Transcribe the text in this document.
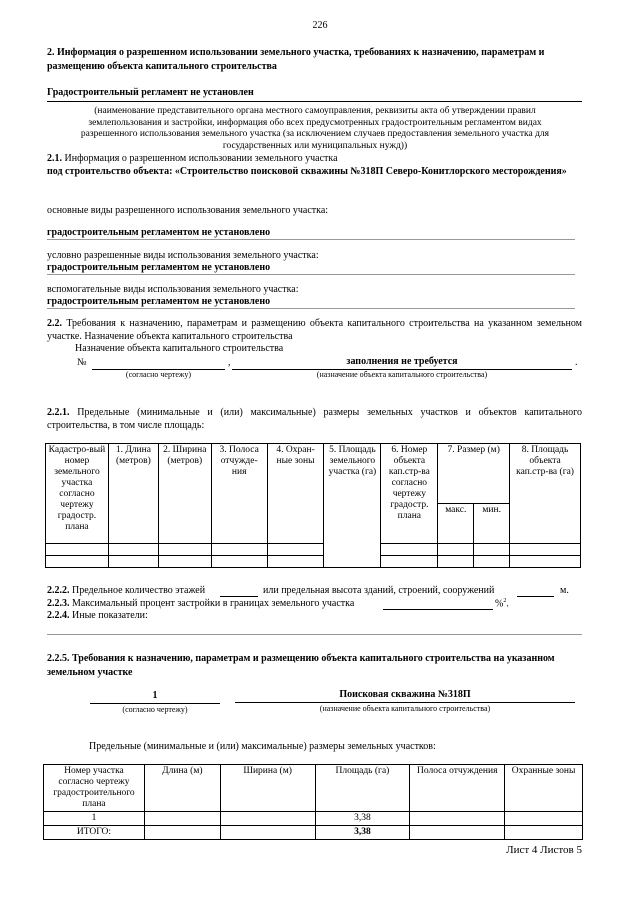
226
2. Информация о разрешенном использовании земельного участка, требованиях к назначению, параметрам и размещению объекта капитального строительства
Градостроительный регламент не установлен
(наименование представительного органа местного самоуправления, реквизиты акта об утверждении правил землепользования и застройки, информация обо всех предусмотренных градостроительным регламентом видах разрешенного использования земельного участка (за исключением случаев предоставления земельного участка для государственных или муниципальных нужд))
2.1. Информация о разрешенном использовании земельного участка
под строительство объекта: «Строительство поисковой скважины №318П Северо-Конитлорского месторождения»
основные виды разрешенного использования земельного участка:
градостроительным регламентом не установлено
условно разрешенные виды использования земельного участка:
градостроительным регламентом не установлено
вспомогательные виды использования земельного участка:
градостроительным регламентом не установлено
2.2. Требования к назначению, параметрам и размещению объекта капитального строительства на указанном земельном участке. Назначение объекта капитального строительства
Назначение объекта капитального строительства
№	,	заполнения не требуется	.
(согласно чертежу)	(назначение объекта капитального строительства)
2.2.1. Предельные (минимальные и (или) максимальные) размеры земельных участков и объектов капитального строительства, в том числе площадь:
Кадастро-вый номер земельного участка согласно чертежу градостр. плана	1. Длина (метров)	2. Ширина (метров)	3. Полоса отчужде-ния	4. Охран-ные зоны	5. Площадь земельного участка (га)	6. Номер объекта кап.стр-ва согласно чертежу градостр. плана	7. Размер (м)		8. Площадь объекта кап.стр-ва (га)
							макс.	мин.	

2.2.2. Предельное количество этажей	или предельная высота зданий, строений, сооружений	м.
2.2.3. Максимальный процент застройки в границах земельного участка	%$^2$.
2.2.4. Иные показатели:
2.2.5. Требования к назначению, параметрам и размещению объекта капитального строительства на указанном земельном участке
1
(согласно чертежу)
Поисковая скважина №318П
(назначение объекта капитального строительства)
Предельные (минимальные и (или) максимальные) размеры земельных участков:
Номер участка согласно чертежу градостроительного плана	Длина (м)	Ширина (м)	Площадь (га)	Полоса отчуждения	Охранные зоны
1			3,38		
ИТОГО:			3,38		
Лист 4 Листов 5
